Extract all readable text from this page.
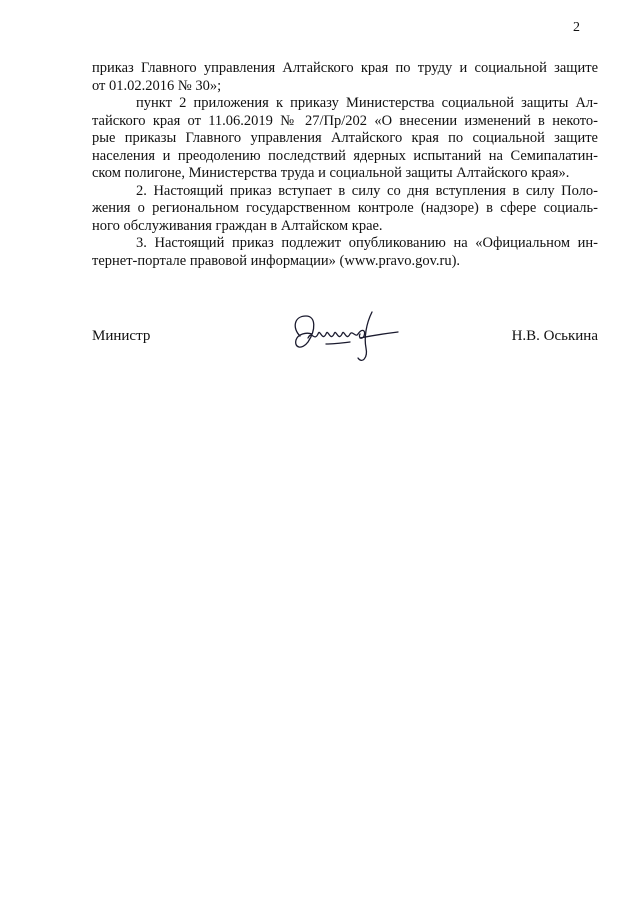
2
приказ Главного управления Алтайского края по труду и социальной защите
от 01.02.2016 № 30»;
пункт 2 приложения к приказу Министерства социальной защиты Ал-
тайского края от 11.06.2019 № 27/Пр/202 «О внесении изменений в некото-
рые приказы Главного управления Алтайского края по социальной защите
населения и преодолению последствий ядерных испытаний на Семипалатин-
ском полигоне, Министерства труда и социальной защиты Алтайского края».
2. Настоящий приказ вступает в силу со дня вступления в силу Поло-
жения о региональном государственном контроле (надзоре) в сфере социаль-
ного обслуживания граждан в Алтайском крае.
3. Настоящий приказ подлежит опубликованию на «Официальном ин-
тернет-портале правовой информации» (www.pravo.gov.ru).
Министр	Н.В. Оськина
